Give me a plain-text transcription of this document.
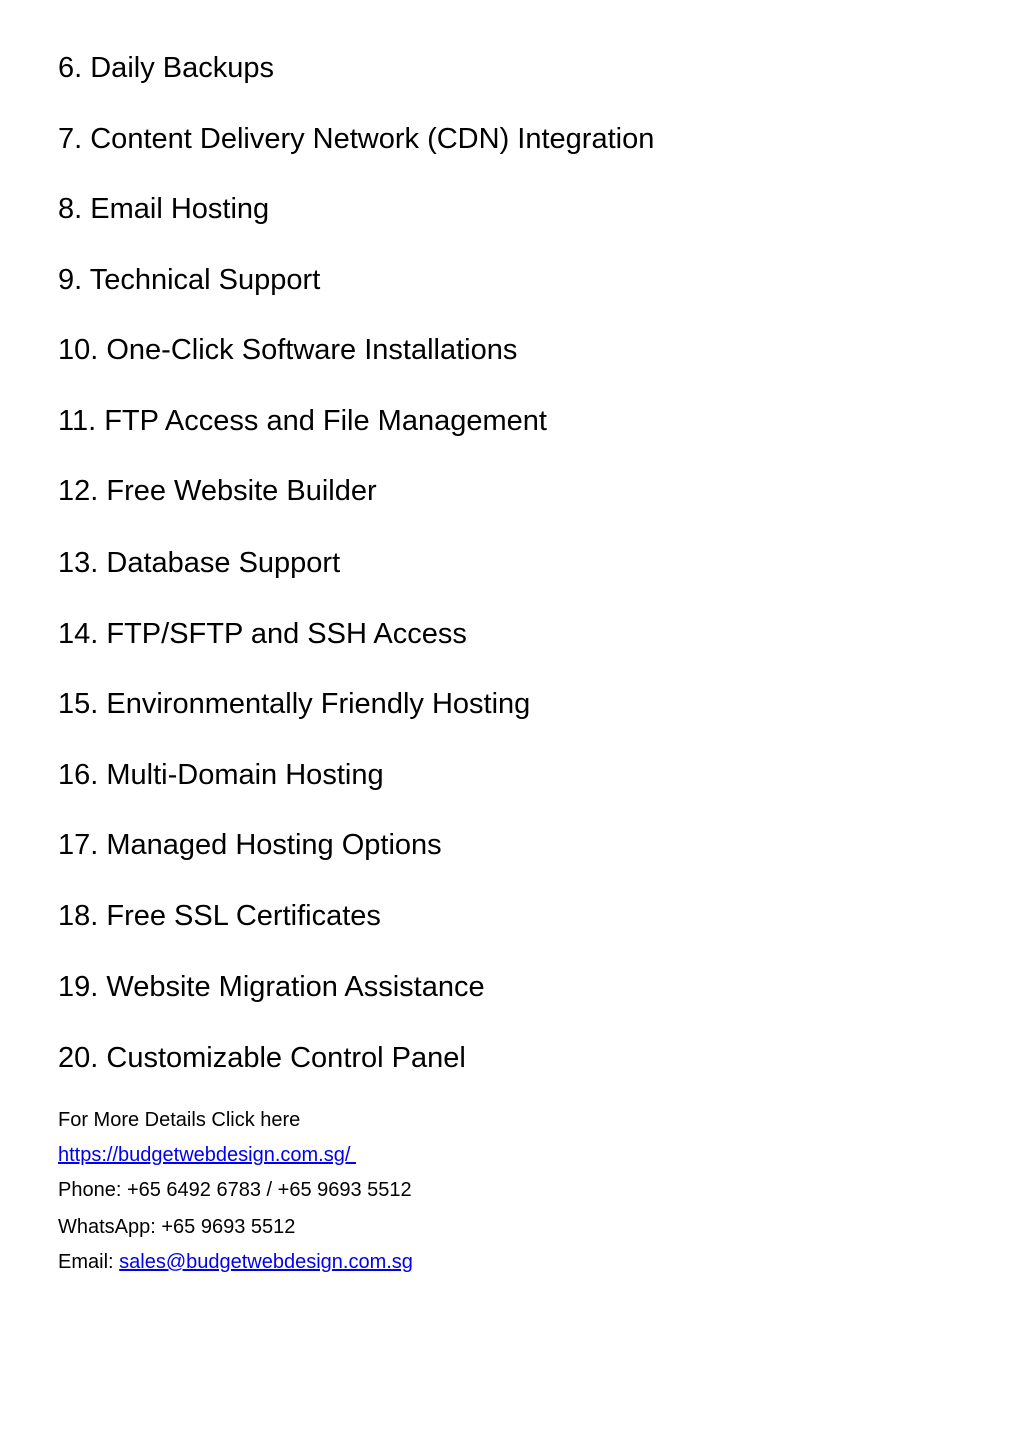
6. Daily Backups
7. Content Delivery Network (CDN) Integration
8. Email Hosting
9. Technical Support
10. One-Click Software Installations
11. FTP Access and File Management
12. Free Website Builder
13. Database Support
14. FTP/SFTP and SSH Access
15. Environmentally Friendly Hosting
16. Multi-Domain Hosting
17. Managed Hosting Options
18. Free SSL Certificates
19. Website Migration Assistance
20. Customizable Control Panel
For More Details Click here
https://budgetwebdesign.com.sg/
Phone: +65 6492 6783 / +65 9693 5512
WhatsApp: +65 9693 5512
Email: sales@budgetwebdesign.com.sg
